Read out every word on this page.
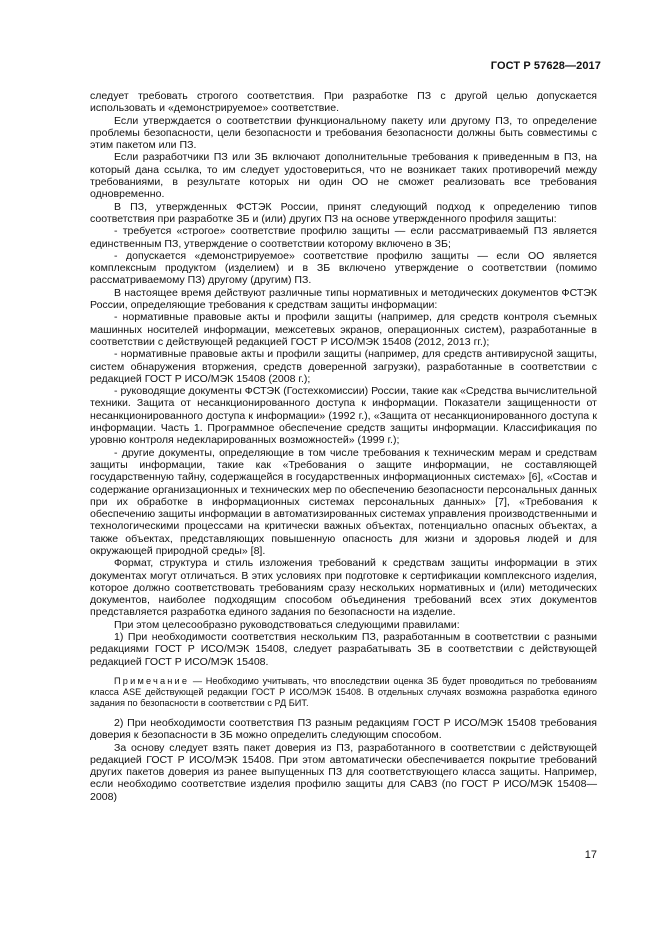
ГОСТ Р 57628—2017

следует требовать строгого соответствия. При разработке ПЗ с другой целью допускается использовать и «демонстрируемое» соответствие.

Если утверждается о соответствии функциональному пакету или другому ПЗ, то определение проблемы безопасности, цели безопасности и требования безопасности должны быть совместимы с этим пакетом или ПЗ.

Если разработчики ПЗ или ЗБ включают дополнительные требования к приведенным в ПЗ, на который дана ссылка, то им следует удостовериться, что не возникает таких противоречий между требованиями, в результате которых ни один ОО не сможет реализовать все требования одновременно.

В ПЗ, утвержденных ФСТЭК России, принят следующий подход к определению типов соответствия при разработке ЗБ и (или) других ПЗ на основе утвержденного профиля защиты:

- требуется «строгое» соответствие профилю защиты — если рассматриваемый ПЗ является единственным ПЗ, утверждение о соответствии которому включено в ЗБ;

- допускается «демонстрируемое» соответствие профилю защиты — если ОО является комплексным продуктом (изделием) и в ЗБ включено утверждение о соответствии (помимо рассматриваемому ПЗ) другому (другим) ПЗ.

В настоящее время действуют различные типы нормативных и методических документов ФСТЭК России, определяющие требования к средствам защиты информации:

- нормативные правовые акты и профили защиты (например, для средств контроля съемных машинных носителей информации, межсетевых экранов, операционных систем), разработанные в соответствии с действующей редакцией ГОСТ Р ИСО/МЭК 15408 (2012, 2013 гг.);

- нормативные правовые акты и профили защиты (например, для средств антивирусной защиты, систем обнаружения вторжения, средств доверенной загрузки), разработанные в соответствии с редакцией ГОСТ Р ИСО/МЭК 15408 (2008 г.);

- руководящие документы ФСТЭК (Гостехкомиссии) России, такие как «Средства вычислительной техники. Защита от несанкционированного доступа к информации. Показатели защищенности от несанкционированного доступа к информации» (1992 г.), «Защита от несанкционированного доступа к информации. Часть 1. Программное обеспечение средств защиты информации. Классификация по уровню контроля недекларированных возможностей» (1999 г.);

- другие документы, определяющие в том числе требования к техническим мерам и средствам защиты информации, такие как «Требования о защите информации, не составляющей государственную тайну, содержащейся в государственных информационных системах» [6], «Состав и содержание организационных и технических мер по обеспечению безопасности персональных данных при их обработке в информационных системах персональных данных» [7], «Требования к обеспечению защиты информации в автоматизированных системах управления производственными и технологическими процессами на критически важных объектах, потенциально опасных объектах, а также объектах, представляющих повышенную опасность для жизни и здоровья людей и для окружающей природной среды» [8].

Формат, структура и стиль изложения требований к средствам защиты информации в этих документах могут отличаться. В этих условиях при подготовке к сертификации комплексного изделия, которое должно соответствовать требованиям сразу нескольких нормативных и (или) методических документов, наиболее подходящим способом объединения требований всех этих документов представляется разработка единого задания по безопасности на изделие.

При этом целесообразно руководствоваться следующими правилами:

1) При необходимости соответствия нескольким ПЗ, разработанным в соответствии с разными редакциями ГОСТ Р ИСО/МЭК 15408, следует разрабатывать ЗБ в соответствии с действующей редакцией ГОСТ Р ИСО/МЭК 15408.

Примечание — Необходимо учитывать, что впоследствии оценка ЗБ будет проводиться по требованиям класса ASE действующей редакции ГОСТ Р ИСО/МЭК 15408. В отдельных случаях возможна разработка единого задания по безопасности в соответствии с РД БИТ.

2) При необходимости соответствия ПЗ разным редакциям ГОСТ Р ИСО/МЭК 15408 требования доверия к безопасности в ЗБ можно определить следующим способом.

За основу следует взять пакет доверия из ПЗ, разработанного в соответствии с действующей редакцией ГОСТ Р ИСО/МЭК 15408. При этом автоматически обеспечивается покрытие требований других пакетов доверия из ранее выпущенных ПЗ для соответствующего класса защиты. Например, если необходимо соответствие изделия профилю защиты для САВЗ (по ГОСТ Р ИСО/МЭК 15408—2008)

17
